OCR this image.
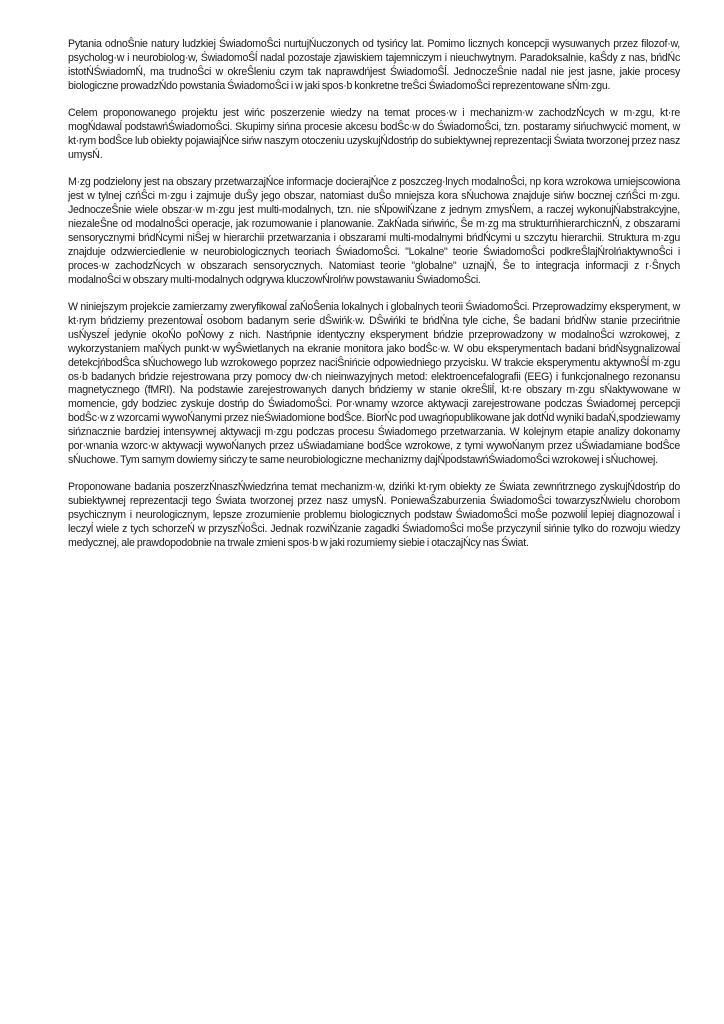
Pytania odnoŜnie natury ludzkiej ŚwiadomoŜci nurtujŃuczonych od tysińcy lat. Pomimo licznych koncepcji wysuwanych przez filozof·w, psycholog·w i neurobiolog·w, ŚwiadomoŜĺ nadal pozostaje zjawiskiem tajemniczym i nieuchwytnym. Paradoksalnie, kaŜdy z nas, bńdŃc istotŃŚwiadomŃ, ma trudnoŜci w okreŜleniu czym tak naprawdńjest ŚwiadomoŜĺ. JednoczeŜnie nadal nie jest jasne, jakie procesy biologiczne prowadzŃdo powstania ŚwiadomoŜci i w jaki spos·b konkretne treŜci ŚwiadomoŜci reprezentowane sŃm·zgu.

Celem proponowanego projektu jest wińc poszerzenie wiedzy na temat proces·w i mechanizm·w zachodzŃcych w m·zgu, kt·re mogŃdawaĺ podstawńŚwiadomoŜci. Skupimy sińna procesie akcesu bodŜc·w do ŚwiadomoŜci, tzn. postaramy sińuchwycić moment, w kt·rym bodŜce lub obiekty pojawiajŃce sińw naszym otoczeniu uzyskujŃdostńp do subiektywnej reprezentacji Świata tworzonej przez nasz umysŃ.

M·zg podzielony jest na obszary przetwarzajŃce informacje docierajŃce z poszczeg·lnych modalnoŜci, np kora wzrokowa umiejscowiona jest w tylnej czńŜci m·zgu i zajmuje duŜy jego obszar, natomiast duŜo mniejsza kora sŃuchowa znajduje sińw bocznej czńŜci m·zgu. JednoczeŜnie wiele obszar·w m·zgu jest multi-modalnych, tzn. nie sŃpowiŃzane z jednym zmysŃem, a raczej wykonujŃabstrakcyjne, niezaleŜne od modalnoŜci operacje, jak rozumowanie i planowanie. ZakŃada sińwińc, Ŝe m·zg ma strukturńhierarchicznŃ, z obszarami sensorycznymi bńdŃcymi niŜej w hierarchii przetwarzania i obszarami multi-modalnymi bńdŃcymi u szczytu hierarchii. Struktura m·zgu znajduje odzwierciedlenie w neurobiologicznych teoriach ŚwiadomoŜci. "Lokalne" teorie ŚwiadomoŜci podkreŜlajŃrolńaktywnoŜci i proces·w zachodzŃcych w obszarach sensorycznych. Natomiast teorie "globalne" uznajŃ, Ŝe to integracja informacji z r·Ŝnych modalnoŜci w obszary multi-modalnych odgrywa kluczowŃrolńw powstawaniu ŚwiadomoŜci.

W niniejszym projekcie zamierzamy zweryfikowaĺ zaŃoŜenia lokalnych i globalnych teorii ŚwiadomoŜci. Przeprowadzimy eksperyment, w kt·rym bńdziemy prezentowaĺ osobom badanym serie dŜwińk·w. DŜwińki te bńdŃna tyle ciche, Ŝe badani bńdŃw stanie przecińtnie usŃyszeĺ jedynie okoŃo poŃowy z nich. Nastńpnie identyczny eksperyment bńdzie przeprowadzony w modalnoŜci wzrokowej, z wykorzystaniem maŃych punkt·w wyŜwietlanych na ekranie monitora jako bodŜc·w. W obu eksperymentach badani bńdŃsygnalizowaĺ detekcjńbodŜca sŃuchowego lub wzrokowego poprzez naciŜnińcie odpowiedniego przycisku. W trakcie eksperymentu aktywnoŜĺ m·zgu os·b badanych bńdzie rejestrowana przy pomocy dw·ch nieinwazyjnych metod: elektroencefalografii (EEG) i funkcjonalnego rezonansu magnetycznego (fMRI). Na podstawie zarejestrowanych danych bńdziemy w stanie okreŜliĺ, kt·re obszary m·zgu sŃaktywowane w momencie, gdy bodziec zyskuje dostńp do ŚwiadomoŜci. Por·wnamy wzorce aktywacji zarejestrowane podczas Świadomej percepcji bodŜc·w z wzorcami wywoŃanymi przez nieŚwiadomione bodŜce. BiorŃc pod uwagńopublikowane jak dotŃd wyniki badaŃ,spodziewamy sińznacznie bardziej intensywnej aktywacji m·zgu podczas procesu Świadomego przetwarzania. W kolejnym etapie analizy dokonamy por·wnania wzorc·w aktywacji wywoŃanych przez uŚwiadamiane bodŜce wzrokowe, z tymi wywoŃanym przez uŚwiadamiane bodŜce sŃuchowe. Tym samym dowiemy sińczy te same neurobiologiczne mechanizmy dajŃpodstawńŚwiadomoŜci wzrokowej i sŃuchowej.

Proponowane badania poszerzŃnaszŃwiedzńna temat mechanizm·w, dzińki kt·rym obiekty ze Świata zewnńtrznego zyskujŃdostńp do subiektywnej reprezentacji tego Świata tworzonej przez nasz umysŃ. PoniewaŜzaburzenia ŚwiadomoŜci towarzyszŃwielu chorobom psychicznym i neurologicznym, lepsze zrozumienie problemu biologicznych podstaw ŚwiadomoŜci moŜe pozwoliĺ lepiej diagnozowaĺ i leczyĺ wiele z tych schorzeŃ w przyszŃoŜci. Jednak rozwiŃzanie zagadki ŚwiadomoŜci moŜe przyczyniĺ sińnie tylko do rozwoju wiedzy medycznej, ale prawdopodobnie na trwale zmieni spos·b w jaki rozumiemy siebie i otaczajŃcy nas Świat.
